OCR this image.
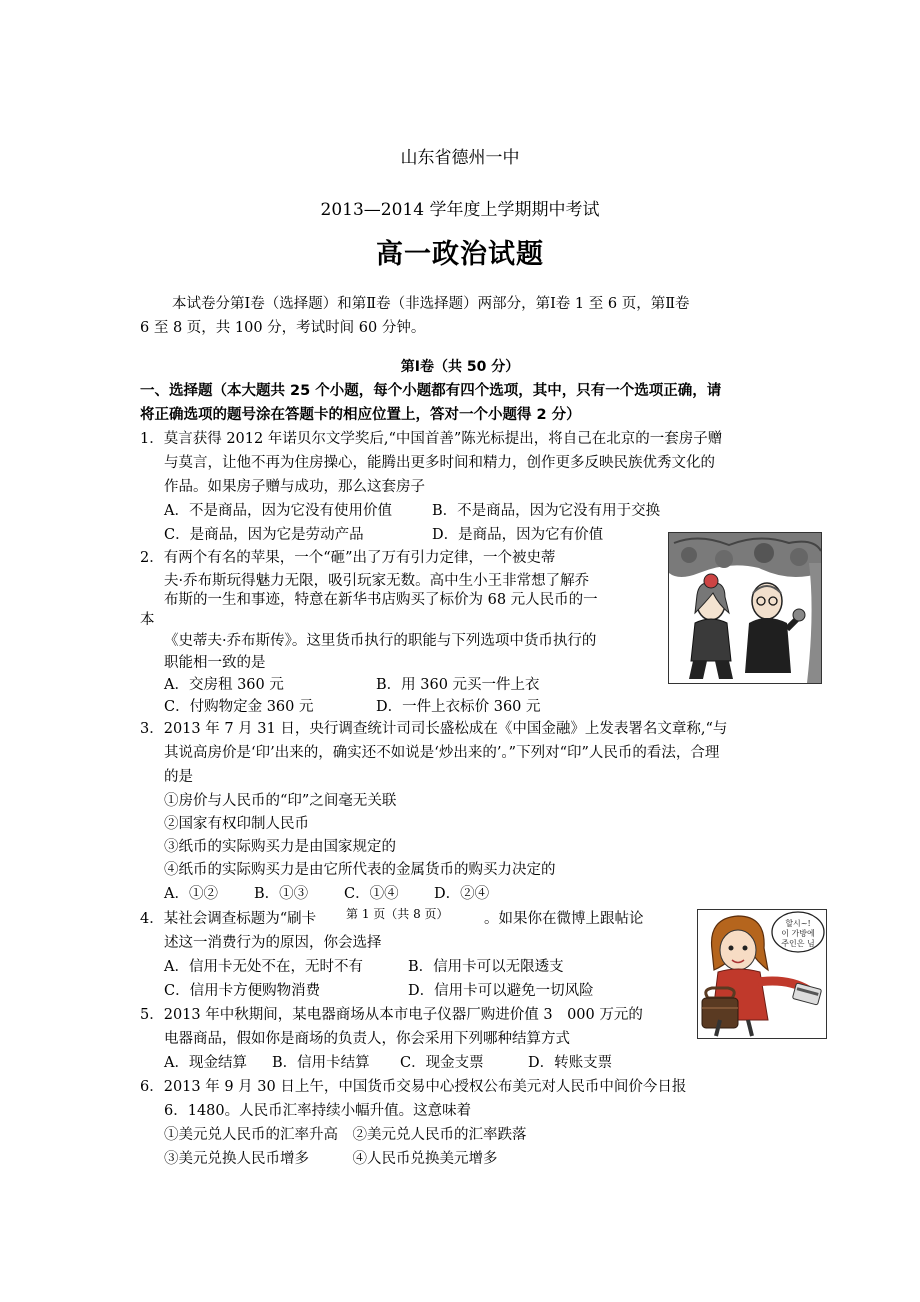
山东省德州一中
2013—2014 学年度上学期期中考试
高一政治试题
本试卷分第Ⅰ卷（选择题）和第Ⅱ卷（非选择题）两部分，第Ⅰ卷 1 至 6 页，第Ⅱ卷
6 至 8 页，共 100 分，考试时间 60 分钟。
第Ⅰ卷（共 50 分）
一、选择题（本大题共 25 个小题，每个小题都有四个选项，其中，只有一个选项正确，请
将正确选项的题号涂在答题卡的相应位置上，答对一个小题得 2 分）
1．莫言获得 2012 年诺贝尔文学奖后,“中国首善”陈光标提出，将自己在北京的一套房子赠
与莫言，让他不再为住房操心，能腾出更多时间和精力，创作更多反映民族优秀文化的
作品。如果房子赠与成功，那么这套房子
A．不是商品，因为它没有使用价值	B．不是商品，因为它没有用于交换
C．是商品，因为它是劳动产品	D．是商品，因为它有价值
2．有两个有名的苹果，一个“砸”出了万有引力定律，一个被史蒂
夫·乔布斯玩得魅力无限，吸引玩家无数。高中生小王非常想了解乔
布斯的一生和事迹，特意在新华书店购买了标价为 68 元人民币的一
本
《史蒂夫·乔布斯传》。这里货币执行的职能与下列选项中货币执行的
职能相一致的是
A．交房租 360 元	B．用 360 元买一件上衣
C．付购物定金 360 元	D．一件上衣标价 360 元
3．2013 年 7 月 31 日，央行调查统计司司长盛松成在《中国金融》上发表署名文章称,“与
其说高房价是‘印’出来的，确实还不如说是‘炒出来的’。”下列对“印”人民币的看法，合理
的是
①房价与人民币的“印”之间毫无关联
②国家有权印制人民币
③纸币的实际购买力是由国家规定的
④纸币的实际购买力是由它所代表的金属货币的购买力决定的
A．①② B．①③ C．①④ D．②④
第 1 页（共 8 页）
4．某社会调查标题为“刷卡	。如果你在微博上跟帖论
述这一消费行为的原因，你会选择
A．信用卡无处不在，无时不有	B．信用卡可以无限透支
C．信用卡方便购物消费	D．信用卡可以避免一切风险
할시~!
이 가방에
주인은 님
5．2013 年中秋期间，某电器商场从本市电子仪器厂购进价值 3　000 万元的
电器商品，假如你是商场的负责人，你会采用下列哪种结算方式
A．现金结算 B．信用卡结算 C．现金支票	D．转账支票
6．2013 年 9 月 30 日上午，中国货币交易中心授权公布美元对人民币中间价今日报
6．1480。人民币汇率持续小幅升值。这意味着
①美元兑人民币的汇率升高　②美元兑人民币的汇率跌落
③美元兑换人民币增多　　　④人民币兑换美元增多
